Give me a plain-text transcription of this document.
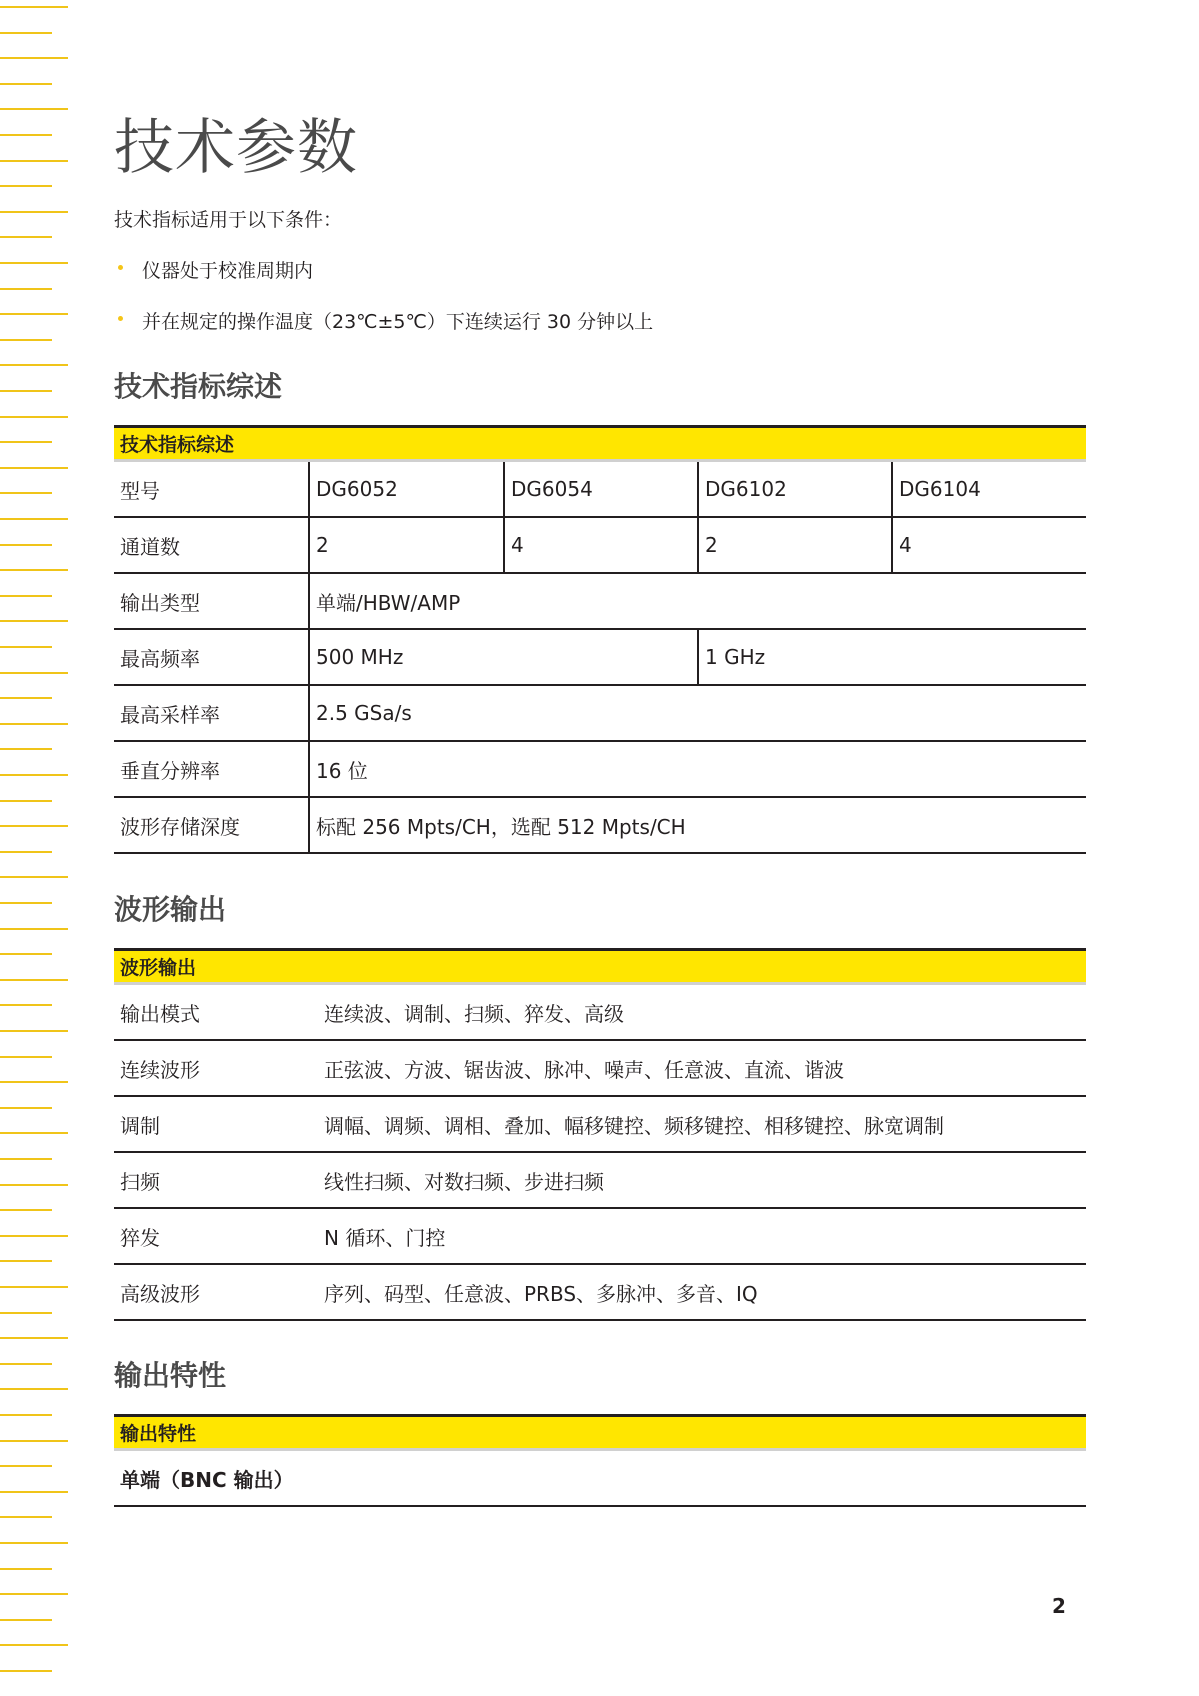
技术参数
技术指标适用于以下条件：
仪器处于校准周期内
并在规定的操作温度（23℃±5℃）下连续运行 30 分钟以上
技术指标综述
技术指标综述				
型号	DG6052	DG6054	DG6102	DG6104
通道数	2	4	2	4
输出类型	单端/HBW/AMP			
最高频率	500 MHz		1 GHz	
最高采样率	2.5 GSa/s			
垂直分辨率	16 位			
波形存储深度	标配 256 Mpts/CH，选配 512 Mpts/CH			
波形输出
波形输出	
输出模式	连续波、调制、扫频、猝发、高级
连续波形	正弦波、方波、锯齿波、脉冲、噪声、任意波、直流、谐波
调制	调幅、调频、调相、叠加、幅移键控、频移键控、相移键控、脉宽调制
扫频	线性扫频、对数扫频、步进扫频
猝发	N 循环、门控
高级波形	序列、码型、任意波、PRBS、多脉冲、多音、IQ
输出特性
输出特性
单端（BNC 输出）
2
